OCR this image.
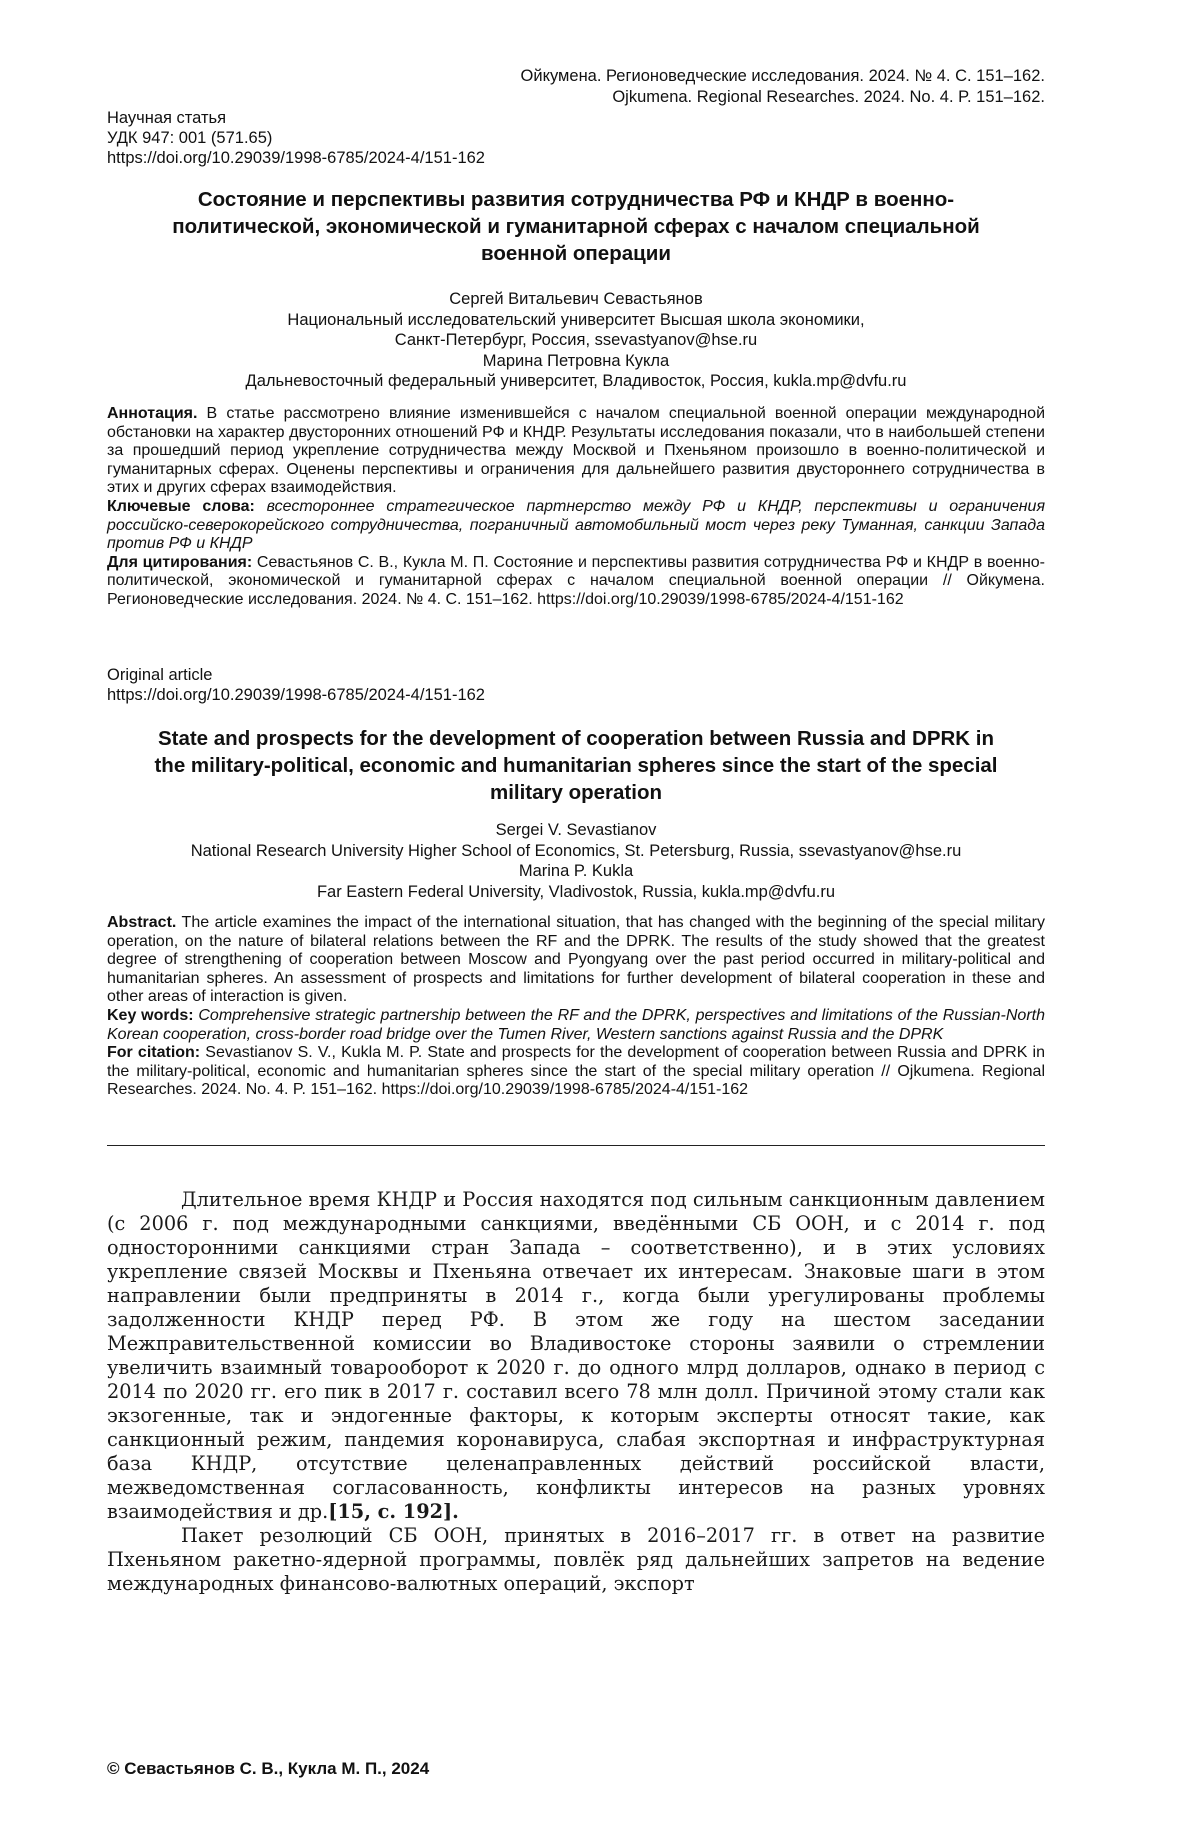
Ойкумена. Регионоведческие исследования. 2024. № 4. С. 151–162.
Ojkumena. Regional Researches. 2024. No. 4. P. 151–162.
Научная статья
УДК 947: 001 (571.65)
https://doi.org/10.29039/1998-6785/2024-4/151-162
Состояние и перспективы развития сотрудничества РФ и КНДР в военно-
политической, экономической и гуманитарной сферах с началом специальной
военной операции
Сергей Витальевич Севастьянов
Национальный исследовательский университет Высшая школа экономики,
Санкт-Петербург, Россия, ssevastyanov@hse.ru
Марина Петровна Кукла
Дальневосточный федеральный университет, Владивосток, Россия, kukla.mp@dvfu.ru
Аннотация. В статье рассмотрено влияние изменившейся с началом специальной военной операции международной обстановки на характер двусторонних отношений РФ и КНДР. Результаты исследования показали, что в наибольшей степени за прошедший период укрепление сотрудничества между Москвой и Пхеньяном произошло в военно-политической и гуманитарных сферах. Оценены перспективы и ограничения для дальнейшего развития двустороннего сотрудничества в этих и других сферах взаимодействия.
Ключевые слова: всестороннее стратегическое партнерство между РФ и КНДР, перспективы и ограничения российско-северокорейского сотрудничества, пограничный автомобильный мост через реку Туманная, санкции Запада против РФ и КНДР
Для цитирования: Севастьянов С. В., Кукла М. П. Состояние и перспективы развития сотрудничества РФ и КНДР в военно-политической, экономической и гуманитарной сферах с началом специальной военной операции // Ойкумена. Регионоведческие исследования. 2024. № 4. С. 151–162. https://doi.org/10.29039/1998-6785/2024-4/151-162
Original article
https://doi.org/10.29039/1998-6785/2024-4/151-162
State and prospects for the development of cooperation between Russia and DPRK in
the military-political, economic and humanitarian spheres since the start of the special
military operation
Sergei V. Sevastianov
National Research University Higher School of Economics, St. Petersburg, Russia, ssevastyanov@hse.ru
Marina P. Kukla
Far Eastern Federal University, Vladivostok, Russia, kukla.mp@dvfu.ru
Abstract. The article examines the impact of the international situation, that has changed with the beginning of the special military operation, on the nature of bilateral relations between the RF and the DPRK. The results of the study showed that the greatest degree of strengthening of cooperation between Moscow and Pyongyang over the past period occurred in military-political and humanitarian spheres. An assessment of prospects and limitations for further development of bilateral cooperation in these and other areas of interaction is given.
Key words: Comprehensive strategic partnership between the RF and the DPRK, perspectives and limitations of the Russian-North Korean cooperation, cross-border road bridge over the Tumen River, Western sanctions against Russia and the DPRK
For citation: Sevastianov S. V., Kukla M. P. State and prospects for the development of cooperation between Russia and DPRK in the military-political, economic and humanitarian spheres since the start of the special military operation // Ojkumena. Regional Researches. 2024. No. 4. P. 151–162. https://doi.org/10.29039/1998-6785/2024-4/151-162

Длительное время КНДР и Россия находятся под сильным санкционным давлением (с 2006 г. под международными санкциями, введёнными СБ ООН, и с 2014 г. под односторонними санкциями стран Запада – соответственно), и в этих условиях укрепление связей Москвы и Пхеньяна отвечает их интересам. Знаковые шаги в этом направлении были предприняты в 2014 г., когда были урегулированы проблемы задолженности КНДР перед РФ. В этом же году на шестом заседании Межправительственной комиссии во Владивостоке стороны заявили о стремлении увеличить взаимный товарооборот к 2020 г. до одного млрд долларов, однако в период с 2014 по 2020 гг. его пик в 2017 г. составил всего 78 млн долл. Причиной этому стали как экзогенные, так и эндогенные факторы, к которым эксперты относят такие, как санкционный режим, пандемия коронавируса, слабая экспортная и инфраструктурная база КНДР, отсутствие целенаправленных действий российской власти, межведомственная согласованность, конфликты интересов на разных уровнях взаимодействия и др.[15, с. 192].

Пакет резолюций СБ ООН, принятых в 2016–2017 гг. в ответ на развитие Пхеньяном ракетно-ядерной программы, повлёк ряд дальнейших запретов на ведение международных финансово-валютных операций, экспорт

© Севастьянов С. В., Кукла М. П., 2024
